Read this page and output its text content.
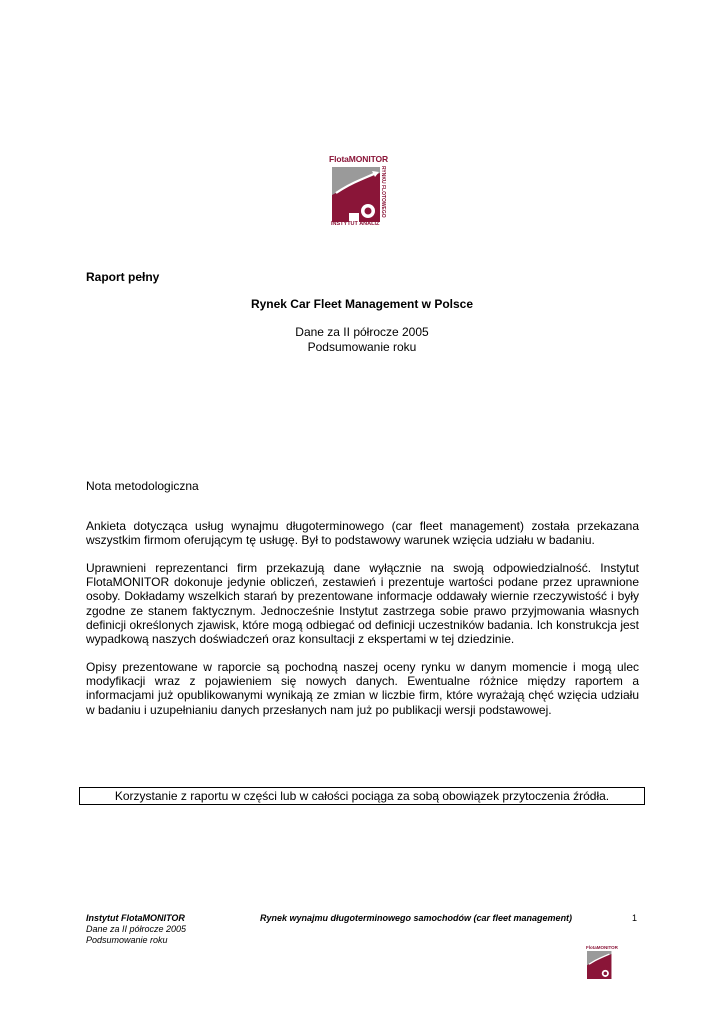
FlotaMONITOR
RYNKU FLOTOWEGO
INSTYTUT ANALIZ
Raport pełny
Rynek Car Fleet Management w Polsce
Dane za II półrocze 2005
Podsumowanie roku
Nota metodologiczna
Ankieta dotycząca usług wynajmu długoterminowego (car fleet management) została przekazana wszystkim firmom oferującym tę usługę. Był to podstawowy warunek wzięcia udziału w badaniu.
Uprawnieni reprezentanci firm przekazują dane wyłącznie na swoją odpowiedzialność. Instytut FlotaMONITOR dokonuje jedynie obliczeń, zestawień i prezentuje wartości podane przez uprawnione osoby. Dokładamy wszelkich starań by prezentowane informacje oddawały wiernie rzeczywistość i były zgodne ze stanem faktycznym. Jednocześnie Instytut zastrzega sobie prawo przyjmowania własnych definicji określonych zjawisk, które mogą odbiegać od definicji uczestników badania. Ich konstrukcja jest wypadkową naszych doświadczeń oraz konsultacji z ekspertami w tej dziedzinie.
Opisy prezentowane w raporcie są pochodną naszej oceny rynku w danym momencie i mogą ulec modyfikacji wraz z pojawieniem się nowych danych. Ewentualne różnice między raportem a informacjami już opublikowanymi wynikają ze zmian w liczbie firm, które wyrażają chęć wzięcia udziału w badaniu i uzupełnianiu danych przesłanych nam już po publikacji wersji podstawowej.
Korzystanie z raportu w części lub w całości pociąga za sobą obowiązek przytoczenia źródła.
Instytut FlotaMONITOR
Dane za II półrocze 2005
Podsumowanie roku
Rynek wynajmu długoterminowego samochodów (car fleet management)	1
FlotaMONITOR
